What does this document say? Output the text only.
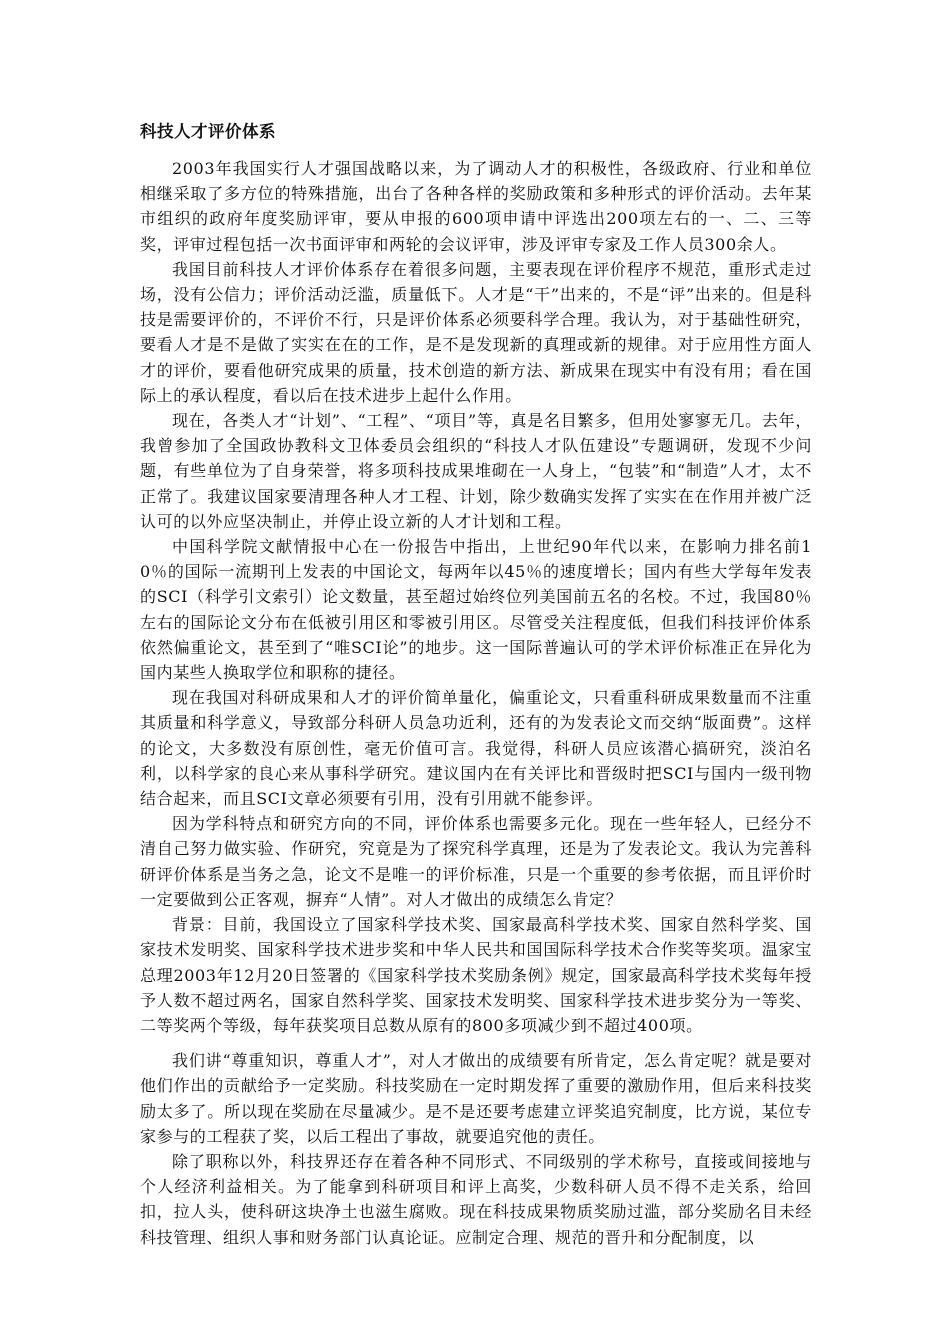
科技人才评价体系

2003年我国实行人才强国战略以来，为了调动人才的积极性，各级政府、行业和单位相继采取了多方位的特殊措施，出台了各种各样的奖励政策和多种形式的评价活动。去年某市组织的政府年度奖励评审，要从申报的600项申请中评选出200项左右的一、二、三等奖，评审过程包括一次书面评审和两轮的会议评审，涉及评审专家及工作人员300余人。

我国目前科技人才评价体系存在着很多问题，主要表现在评价程序不规范，重形式走过场，没有公信力；评价活动泛滥，质量低下。人才是“干”出来的，不是“评”出来的。但是科技是需要评价的，不评价不行，只是评价体系必须要科学合理。我认为，对于基础性研究，要看人才是不是做了实实在在的工作，是不是发现新的真理或新的规律。对于应用性方面人才的评价，要看他研究成果的质量，技术创造的新方法、新成果在现实中有没有用；看在国际上的承认程度，看以后在技术进步上起什么作用。

现在，各类人才“计划”、“工程”、“项目”等，真是名目繁多，但用处寥寥无几。去年，我曾参加了全国政协教科文卫体委员会组织的“科技人才队伍建设”专题调研，发现不少问题，有些单位为了自身荣誉，将多项科技成果堆砌在一人身上，“包装”和“制造”人才，太不正常了。我建议国家要清理各种人才工程、计划，除少数确实发挥了实实在在作用并被广泛认可的以外应坚决制止，并停止设立新的人才计划和工程。

中国科学院文献情报中心在一份报告中指出，上世纪90年代以来，在影响力排名前1 0％的国际一流期刊上发表的中国论文，每两年以45％的速度增长；国内有些大学每年发表的SCI（科学引文索引）论文数量，甚至超过始终位列美国前五名的名校。不过，我国80％左右的国际论文分布在低被引用区和零被引用区。尽管受关注程度低，但我们科技评价体系依然偏重论文，甚至到了“唯SCI论”的地步。这一国际普遍认可的学术评价标准正在异化为国内某些人换取学位和职称的捷径。

现在我国对科研成果和人才的评价简单量化，偏重论文，只看重科研成果数量而不注重其质量和科学意义，导致部分科研人员急功近利，还有的为发表论文而交纳“版面费”。这样的论文，大多数没有原创性，毫无价值可言。我觉得，科研人员应该潜心搞研究，淡泊名利，以科学家的良心来从事科学研究。建议国内在有关评比和晋级时把SCI与国内一级刊物结合起来，而且SCI文章必须要有引用，没有引用就不能参评。

因为学科特点和研究方向的不同，评价体系也需要多元化。现在一些年轻人，已经分不清自己努力做实验、作研究，究竟是为了探究科学真理，还是为了发表论文。我认为完善科研评价体系是当务之急，论文不是唯一的评价标准，只是一个重要的参考依据，而且评价时一定要做到公正客观，摒弃“人情”。对人才做出的成绩怎么肯定？

背景：目前，我国设立了国家科学技术奖、国家最高科学技术奖、国家自然科学奖、国家技术发明奖、国家科学技术进步奖和中华人民共和国国际科学技术合作奖等奖项。温家宝总理2003年12月20日签署的《国家科学技术奖励条例》规定，国家最高科学技术奖每年授予人数不超过两名，国家自然科学奖、国家技术发明奖、国家科学技术进步奖分为一等奖、二等奖两个等级，每年获奖项目总数从原有的800多项减少到不超过400项。

我们讲“尊重知识，尊重人才”，对人才做出的成绩要有所肯定，怎么肯定呢？就是要对他们作出的贡献给予一定奖励。科技奖励在一定时期发挥了重要的激励作用，但后来科技奖励太多了。所以现在奖励在尽量减少。是不是还要考虑建立评奖追究制度，比方说，某位专家参与的工程获了奖，以后工程出了事故，就要追究他的责任。

除了职称以外，科技界还存在着各种不同形式、不同级别的学术称号，直接或间接地与个人经济利益相关。为了能拿到科研项目和评上高奖，少数科研人员不得不走关系，给回扣，拉人头，使科研这块净土也滋生腐败。现在科技成果物质奖励过滥，部分奖励名目未经科技管理、组织人事和财务部门认真论证。应制定合理、规范的晋升和分配制度，以
